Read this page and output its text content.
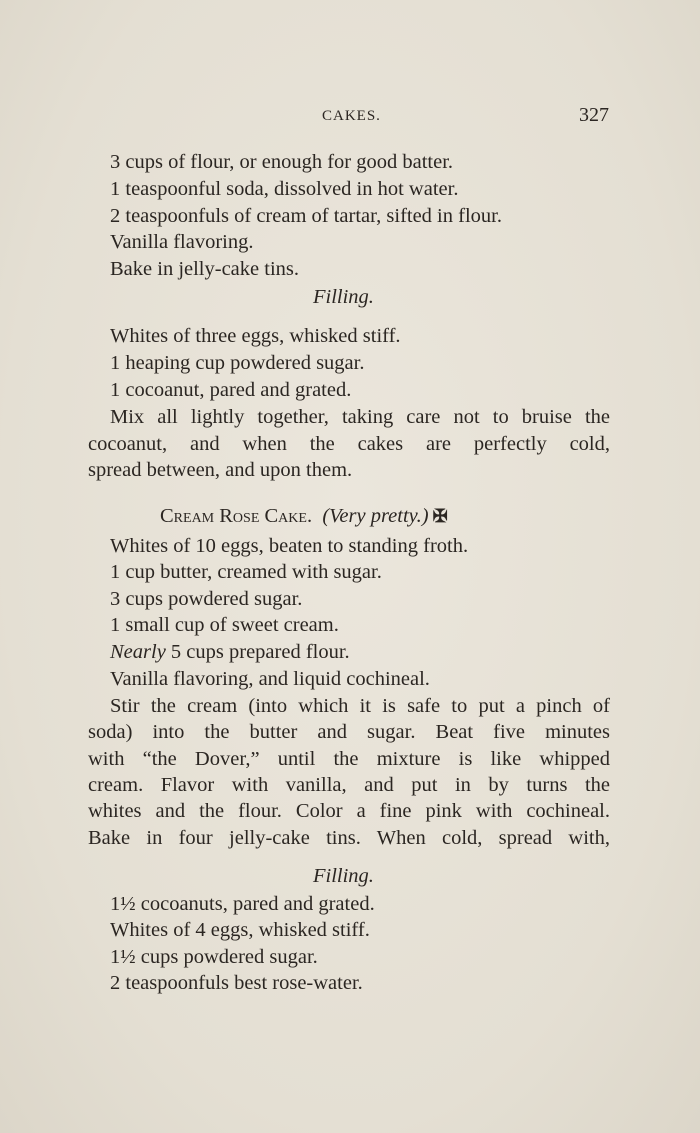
CAKES.	327
3 cups of flour, or enough for good batter.
1 teaspoonful soda, dissolved in hot water.
2 teaspoonfuls of cream of tartar, sifted in flour.
Vanilla flavoring.
Bake in jelly-cake tins.
Filling.
Whites of three eggs, whisked stiff.
1 heaping cup powdered sugar.
1 cocoanut, pared and grated.
Mix all lightly together, taking care not to bruise the
cocoanut, and when the cakes are perfectly cold,
spread between, and upon them.
Cream Rose Cake. (Very pretty.) ✠
Whites of 10 eggs, beaten to standing froth.
1 cup butter, creamed with sugar.
3 cups powdered sugar.
1 small cup of sweet cream.
Nearly 5 cups prepared flour.
Vanilla flavoring, and liquid cochineal.
Stir the cream (into which it is safe to put a pinch of
soda) into the butter and sugar. Beat five minutes
with “the Dover,” until the mixture is like whipped
cream. Flavor with vanilla, and put in by turns the
whites and the flour. Color a fine pink with cochineal.
Bake in four jelly-cake tins. When cold, spread with,
Filling.
1½ cocoanuts, pared and grated.
Whites of 4 eggs, whisked stiff.
1½ cups powdered sugar.
2 teaspoonfuls best rose-water.
